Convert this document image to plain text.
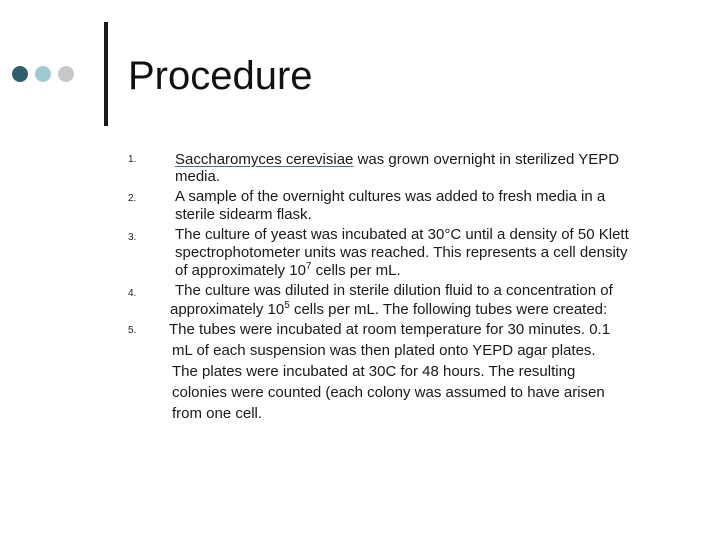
Procedure
1.	Saccharomyces cerevisiae was grown overnight in sterilized YEPD
media.
2.	A sample of the overnight cultures was added to fresh media in a
sterile sidearm flask.
3.	The culture of yeast was incubated at 30°C until a density of 50 Klett
spectrophotometer units was reached. This represents a cell density
of approximately $10^7$ cells per mL.
4.	The culture was diluted in sterile dilution fluid to a concentration of
approximately $10^5$ cells per mL. The following tubes were created:
5. The tubes were incubated at room temperature for 30 minutes. 0.1
mL of each suspension was then plated onto YEPD agar plates.
The plates were incubated at 30C for 48 hours. The resulting
colonies were counted (each colony was assumed to have arisen
from one cell.
